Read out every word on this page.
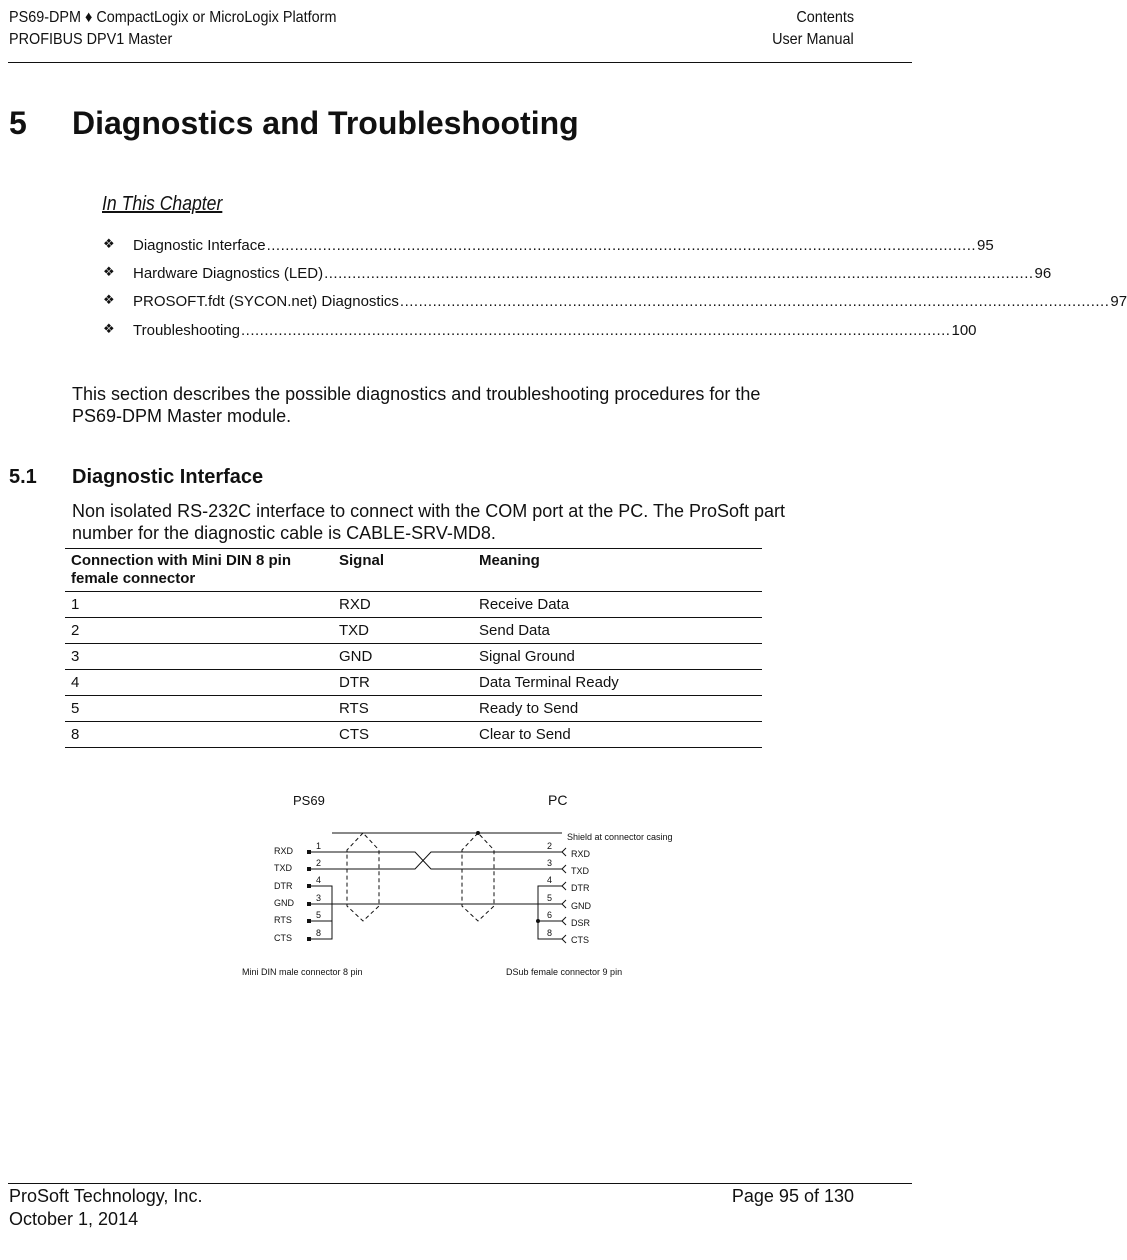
PS69-DPM ♦ CompactLogix or MicroLogix Platform
PROFIBUS DPV1 Master
Contents
User Manual
5 Diagnostics and Troubleshooting
In This Chapter
❖ Diagnostic Interface ........................................................................................................................................................ 95
❖ Hardware Diagnostics (LED) ........................................................................................................................................................ 96
❖ PROSOFT.fdt (SYCON.net) Diagnostics ........................................................................................................................................................ 97
❖ Troubleshooting ........................................................................................................................................................ 100
This section describes the possible diagnostics and troubleshooting procedures for the
PS69-DPM Master module.
5.1 Diagnostic Interface
Non isolated RS-232C interface to connect with the COM port at the PC. The ProSoft part
number for the diagnostic cable is CABLE-SRV-MD8.
Connection with Mini DIN 8 pin female connector	Signal	Meaning
1	RXD	Receive Data
2	TXD	Send Data
3	GND	Signal Ground
4	DTR	Data Terminal Ready
5	RTS	Ready to Send
8	CTS	Clear to Send
PS69	PC
Shield at connector casing
RXD
TXD
DTR
GND
RTS
CTS
1
2
4
3
5
8
RXD
TXD
DTR
GND
DSR
CTS
2
3
4
5
6
8
Mini DIN male connector 8 pin	DSub female connector 9 pin
ProSoft Technology, Inc.
October 1, 2014
Page 95 of 130
